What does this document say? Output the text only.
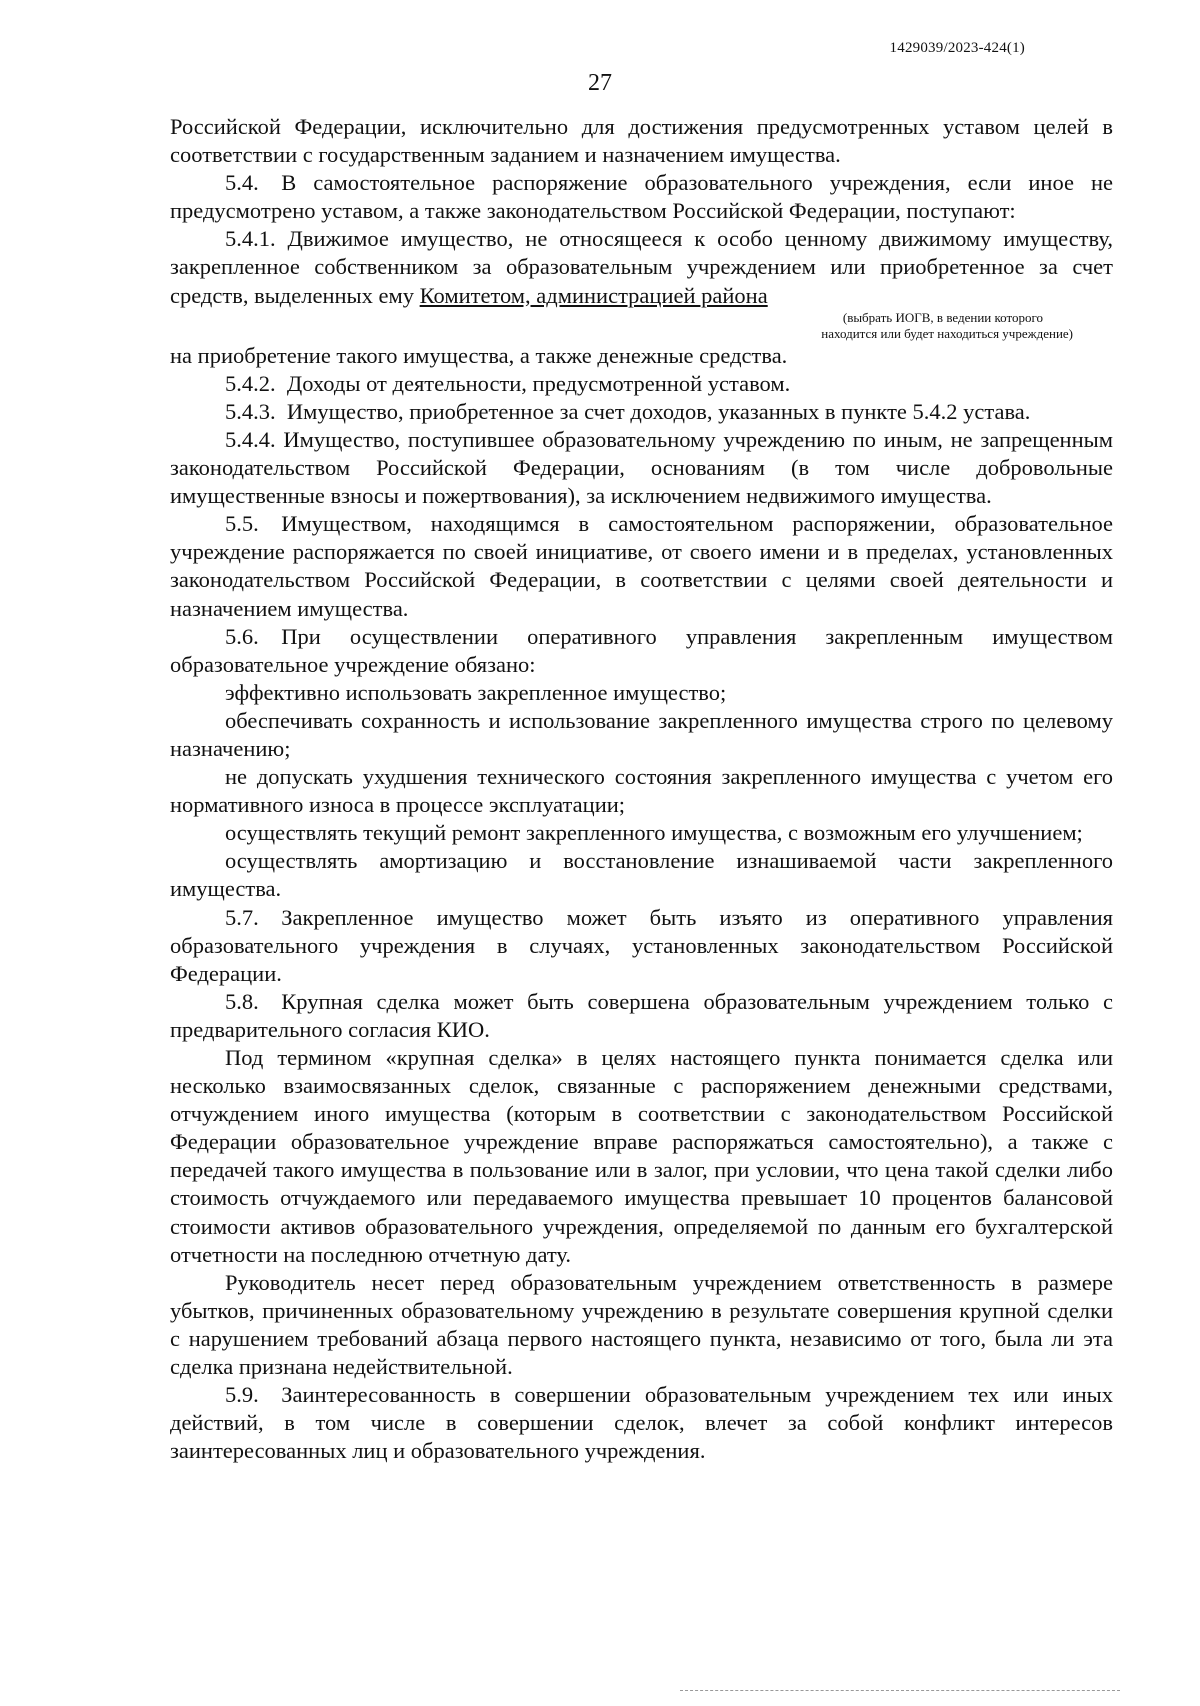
1429039/2023-424(1)
27

Российской Федерации, исключительно для достижения предусмотренных уставом целей в соответствии с государственным заданием и назначением имущества.

5.4. В самостоятельное распоряжение образовательного учреждения, если иное не предусмотрено уставом, а также законодательством Российской Федерации, поступают:

5.4.1. Движимое имущество, не относящееся к особо ценному движимому имуществу, закрепленное собственником за образовательным учреждением или приобретенное за счет средств, выделенных ему Комитетом, администрацией района

(выбрать ИОГВ, в ведении которого
находится или будет находиться учреждение)

на приобретение такого имущества, а также денежные средства.

5.4.2. Доходы от деятельности, предусмотренной уставом.

5.4.3. Имущество, приобретенное за счет доходов, указанных в пункте 5.4.2 устава.

5.4.4. Имущество, поступившее образовательному учреждению по иным, не запрещенным законодательством Российской Федерации, основаниям (в том числе добровольные имущественные взносы и пожертвования), за исключением недвижимого имущества.

5.5. Имуществом, находящимся в самостоятельном распоряжении, образовательное учреждение распоряжается по своей инициативе, от своего имени и в пределах, установленных законодательством Российской Федерации, в соответствии с целями своей деятельности и назначением имущества.

5.6. При осуществлении оперативного управления закрепленным имуществом образовательное учреждение обязано:

эффективно использовать закрепленное имущество;

обеспечивать сохранность и использование закрепленного имущества строго по целевому назначению;

не допускать ухудшения технического состояния закрепленного имущества с учетом его нормативного износа в процессе эксплуатации;

осуществлять текущий ремонт закрепленного имущества, с возможным его улучшением;

осуществлять амортизацию и восстановление изнашиваемой части закрепленного имущества.

5.7. Закрепленное имущество может быть изъято из оперативного управления образовательного учреждения в случаях, установленных законодательством Российской Федерации.

5.8. Крупная сделка может быть совершена образовательным учреждением только с предварительного согласия КИО.

Под термином «крупная сделка» в целях настоящего пункта понимается сделка или несколько взаимосвязанных сделок, связанные с распоряжением денежными средствами, отчуждением иного имущества (которым в соответствии с законодательством Российской Федерации образовательное учреждение вправе распоряжаться самостоятельно), а также с передачей такого имущества в пользование или в залог, при условии, что цена такой сделки либо стоимость отчуждаемого или передаваемого имущества превышает 10 процентов балансовой стоимости активов образовательного учреждения, определяемой по данным его бухгалтерской отчетности на последнюю отчетную дату.

Руководитель несет перед образовательным учреждением ответственность в размере убытков, причиненных образовательному учреждению в результате совершения крупной сделки с нарушением требований абзаца первого настоящего пункта, независимо от того, была ли эта сделка признана недействительной.

5.9. Заинтересованность в совершении образовательным учреждением тех или иных действий, в том числе в совершении сделок, влечет за собой конфликт интересов заинтересованных лиц и образовательного учреждения.
